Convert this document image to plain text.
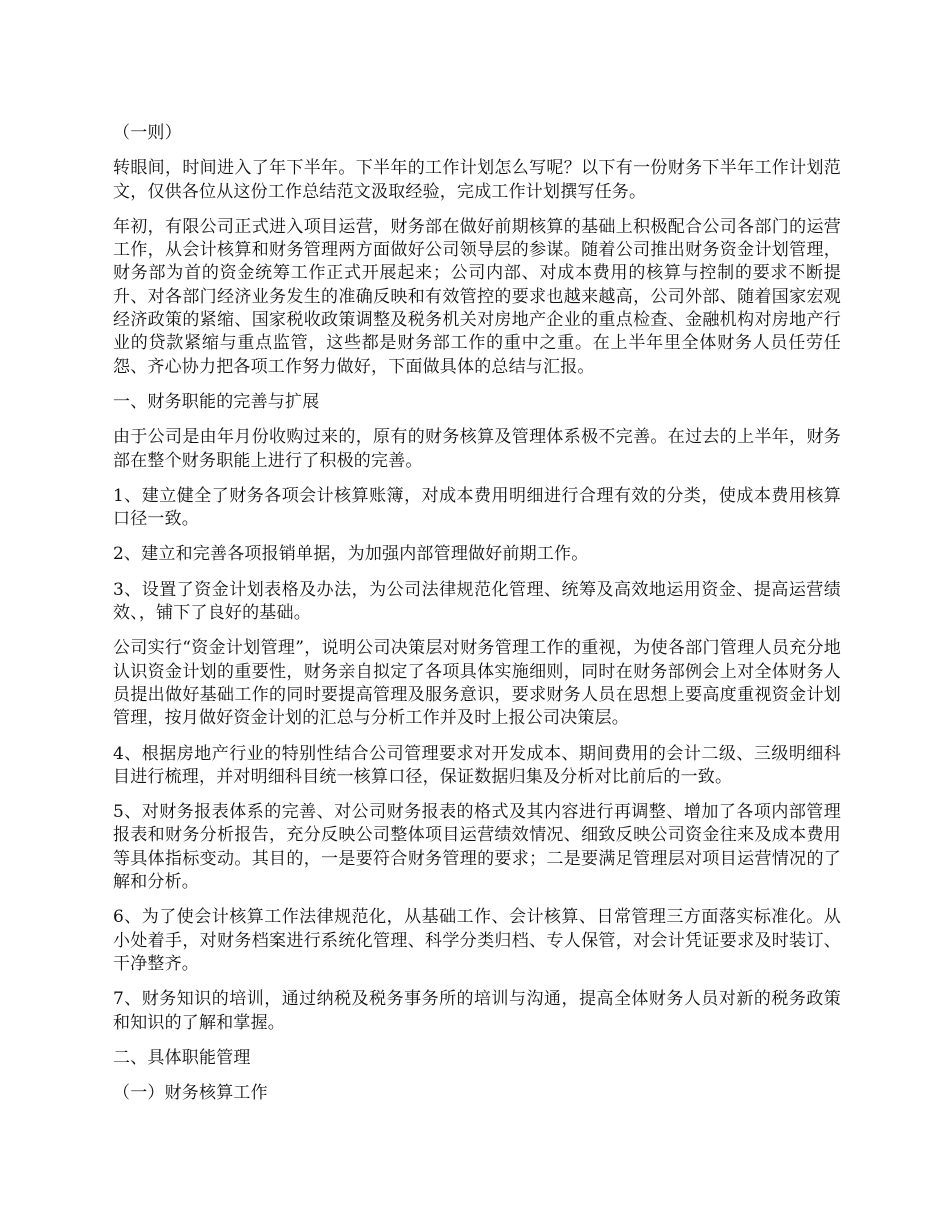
（一则）

转眼间，时间进入了年下半年。下半年的工作计划怎么写呢？以下有一份财务下半年工作计划范文，仅供各位从这份工作总结范文汲取经验，完成工作计划撰写任务。

年初，有限公司正式进入项目运营，财务部在做好前期核算的基础上积极配合公司各部门的运营工作，从会计核算和财务管理两方面做好公司领导层的参谋。随着公司推出财务资金计划管理，财务部为首的资金统筹工作正式开展起来；公司内部、对成本费用的核算与控制的要求不断提升、对各部门经济业务发生的准确反映和有效管控的要求也越来越高，公司外部、随着国家宏观经济政策的紧缩、国家税收政策调整及税务机关对房地产企业的重点检查、金融机构对房地产行业的贷款紧缩与重点监管，这些都是财务部工作的重中之重。在上半年里全体财务人员任劳任怨、齐心协力把各项工作努力做好，下面做具体的总结与汇报。

一、财务职能的完善与扩展

由于公司是由年月份收购过来的，原有的财务核算及管理体系极不完善。在过去的上半年，财务部在整个财务职能上进行了积极的完善。

1、建立健全了财务各项会计核算账簿，对成本费用明细进行合理有效的分类，使成本费用核算口径一致。

2、建立和完善各项报销单据，为加强内部管理做好前期工作。

3、设置了资金计划表格及办法，为公司法律规范化管理、统筹及高效地运用资金、提高运营绩效、，铺下了良好的基础。

公司实行“资金计划管理”，说明公司决策层对财务管理工作的重视，为使各部门管理人员充分地认识资金计划的重要性，财务亲自拟定了各项具体实施细则，同时在财务部例会上对全体财务人员提出做好基础工作的同时要提高管理及服务意识，要求财务人员在思想上要高度重视资金计划管理，按月做好资金计划的汇总与分析工作并及时上报公司决策层。

4、根据房地产行业的特别性结合公司管理要求对开发成本、期间费用的会计二级、三级明细科目进行梳理，并对明细科目统一核算口径，保证数据归集及分析对比前后的一致。

5、对财务报表体系的完善、对公司财务报表的格式及其内容进行再调整、增加了各项内部管理报表和财务分析报告，充分反映公司整体项目运营绩效情况、细致反映公司资金往来及成本费用等具体指标变动。其目的，一是要符合财务管理的要求；二是要满足管理层对项目运营情况的了解和分析。

6、为了使会计核算工作法律规范化，从基础工作、会计核算、日常管理三方面落实标准化。从小处着手，对财务档案进行系统化管理、科学分类归档、专人保管，对会计凭证要求及时装订、干净整齐。

7、财务知识的培训，通过纳税及税务事务所的培训与沟通，提高全体财务人员对新的税务政策和知识的了解和掌握。

二、具体职能管理

（一）财务核算工作
